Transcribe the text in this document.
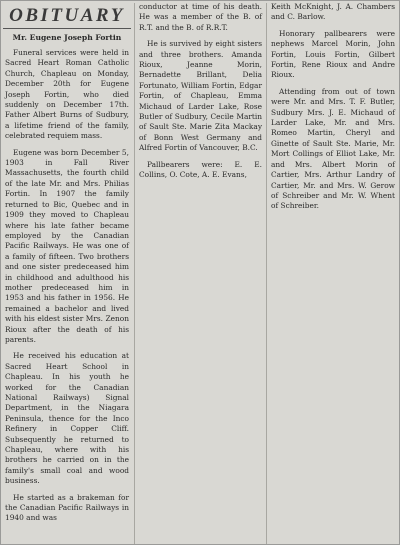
OBITUARY
Mr. Eugene Joseph Fortin

Funeral services were held in Sacred Heart Roman Catholic Church, Chapleau on Monday, December 20th for Eugene Joseph Fortin, who died suddenly on December 17th. Father Albert Burns of Sudbury, a lifetime friend of the family, celebrated requiem mass.

Eugene was born December 5, 1903 in Fall River Massachusetts, the fourth child of the late Mr. and Mrs. Philias Fortin. In 1907 the family returned to Bic, Quebec and in 1909 they moved to Chapleau where his late father became employed by the Canadian Pacific Railways. He was one of a family of fifteen. Two brothers and one sister predeceased him in childhood and adulthood his mother predeceased him in 1953 and his father in 1956. He remained a bachelor and lived with his eldest sister Mrs. Zenon Rioux after the death of his parents.

He received his education at Sacred Heart School in Chapleau. In his youth he worked for the Canadian National Railways) Signal Department, in the Niagara Peninsula, thence for the Inco Refinery in Copper Cliff. Subsequently he returned to Chapleau, where with his brothers he carried on in the family's small coal and wood business.

He started as a brakeman for the Canadian Pacific Railways in 1940 and was

conductor at time of his death. He was a member of the B. of R.T. and the B. of R.R.T.

He is survived by eight sisters and three brothers. Amanda Rioux, Jeanne Morin, Bernadette Brillant, Delia Fortunato, William Fortin, Edgar Fortin, of Chapleau, Emma Michaud of Larder Lake, Rose Butler of Sudbury, Cecile Martin of Sault Ste. Marie Zita Mackay of Bonn West Germany and Alfred Fortin of Vancouver, B.C.

Pallbearers were: E. E. Collins, O. Cote, A. E. Evans,

Keith McKnight, J. A. Chambers and C. Barlow.

Honorary pallbearers were nephews Marcel Morin, John Fortin, Louis Fortin, Gilbert Fortin, Rene Rioux and Andre Rioux.

Attending from out of town were Mr. and Mrs. T. F. Butler, Sudbury Mrs. J. E. Michaud of Larder Lake, Mr. and Mrs. Romeo Martin, Cheryl and Ginette of Sault Ste. Marie, Mr. Mort Collings of Elliot Lake, Mr. and Mrs. Albert Morin of Cartier, Mrs. Arthur Landry of Cartier, Mr. and Mrs. W. Gerow of Schreiber and Mr. W. Whent of Schreiber.
